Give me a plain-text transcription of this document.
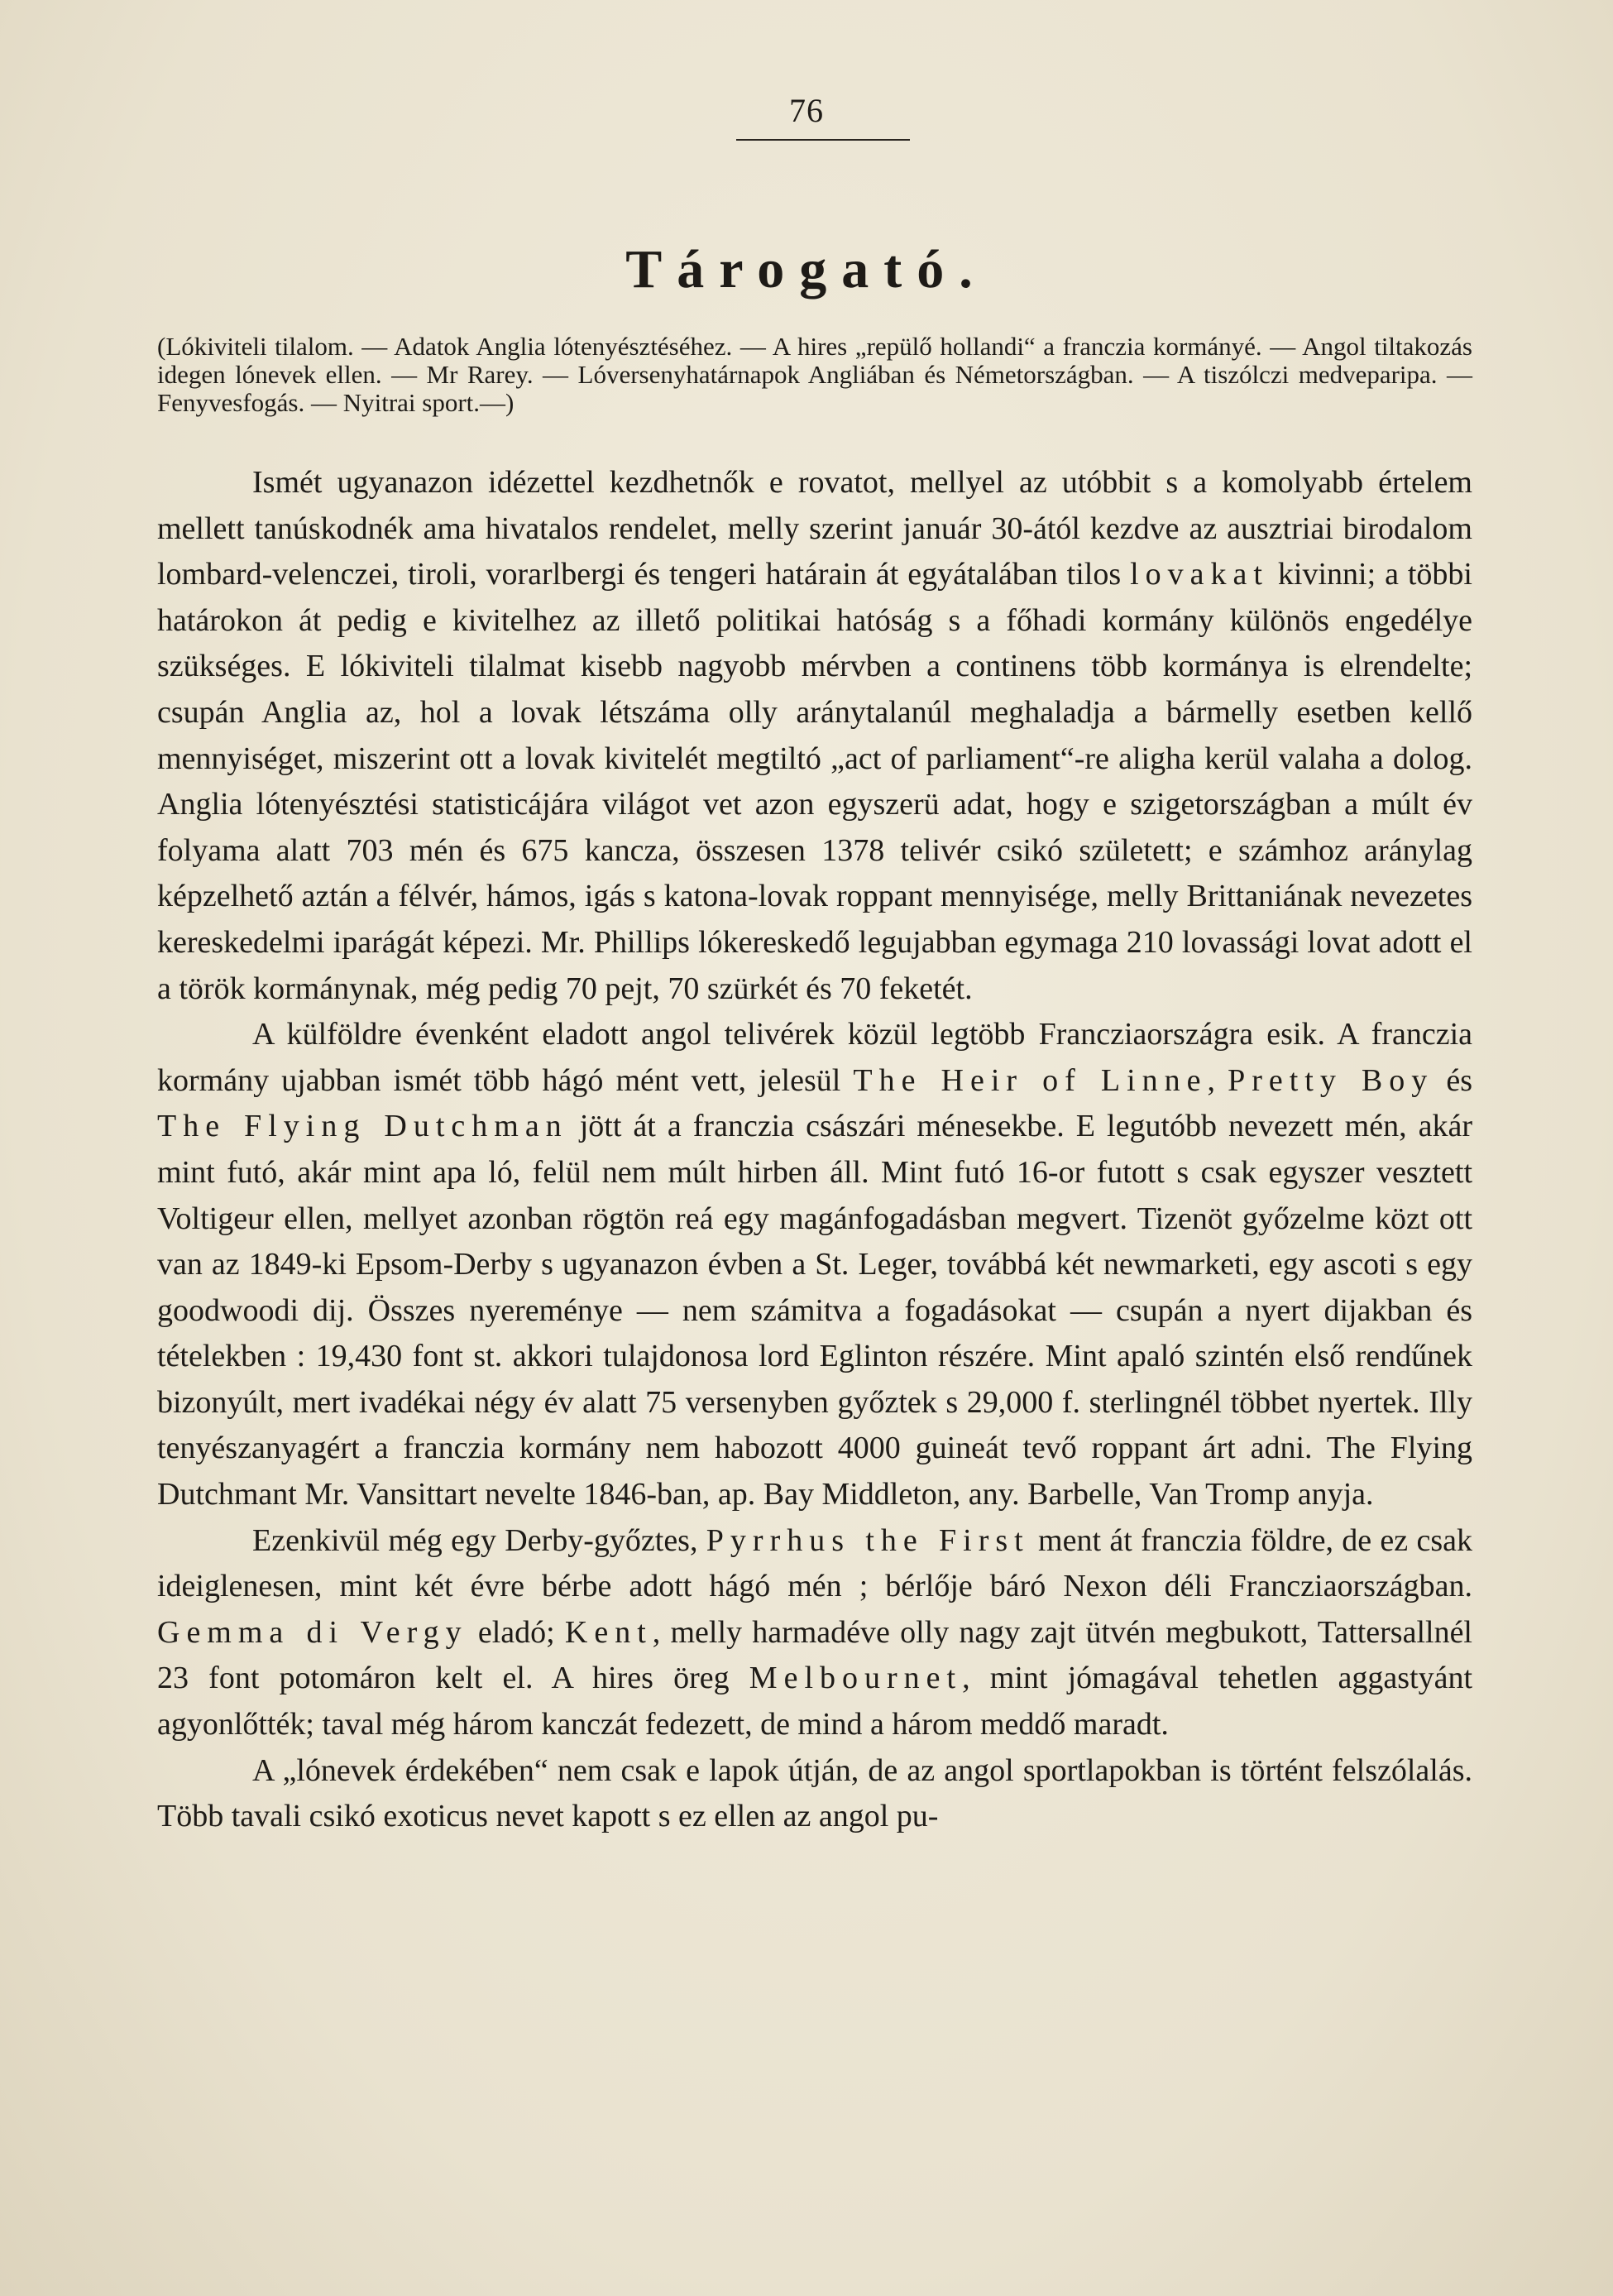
76
Tárogató.
(Lókiviteli tilalom. — Adatok Anglia lótenyésztéséhez. — A hires „repülő hollandi“ a franczia kormányé. — Angol tiltakozás idegen lónevek ellen. — Mr Rarey. — Lóversenyhatárnapok Angliában és Németországban. — A tiszólczi medveparipa. — Fenyvesfogás. — Nyitrai sport.—)

Ismét ugyanazon idézettel kezdhetnők e rovatot, mellyel az utóbbit s a komolyabb értelem mellett tanúskodnék ama hivatalos rendelet, melly szerint január 30-ától kezdve az ausztriai birodalom lombard-velenczei, tiroli, vorarlbergi és tengeri határain át egyátalában tilos lovakat kivinni; a többi határokon át pedig e kivitelhez az illető politikai hatóság s a főhadi kormány különös engedélye szükséges. E lókiviteli tilalmat kisebb nagyobb mérvben a continens több kormánya is elrendelte; csupán Anglia az, hol a lovak létszáma olly aránytalanúl meghaladja a bármelly esetben kellő mennyiséget, miszerint ott a lovak kivitelét megtiltó „act of parliament“-re aligha kerül valaha a dolog. Anglia lótenyésztési statisticájára világot vet azon egyszerü adat, hogy e szigetországban a múlt év folyama alatt 703 mén és 675 kancza, összesen 1378 telivér csikó született; e számhoz aránylag képzelhető aztán a félvér, hámos, igás s katona-lovak roppant mennyisége, melly Brittaniának nevezetes kereskedelmi iparágát képezi. Mr. Phillips lókereskedő legujabban egymaga 210 lovassági lovat adott el a török kormánynak, még pedig 70 pejt, 70 szürkét és 70 feketét.

A külföldre évenként eladott angol telivérek közül legtöbb Francziaországra esik. A franczia kormány ujabban ismét több hágó mént vett, jelesül The Heir of Linne, Pretty Boy és The Flying Dutchman jött át a franczia császári ménesekbe. E legutóbb nevezett mén, akár mint futó, akár mint apa ló, felül nem múlt hirben áll. Mint futó 16-or futott s csak egyszer vesztett Voltigeur ellen, mellyet azonban rögtön reá egy magánfogadásban megvert. Tizenöt győzelme közt ott van az 1849-ki Epsom-Derby s ugyanazon évben a St. Leger, továbbá két newmarketi, egy ascoti s egy goodwoodi dij. Összes nyereménye — nem számitva a fogadásokat — csupán a nyert dijakban és tételekben : 19,430 font st. akkori tulajdonosa lord Eglinton részére. Mint apaló szintén első rendűnek bizonyúlt, mert ivadékai négy év alatt 75 versenyben győztek s 29,000 f. sterlingnél többet nyertek. Illy tenyészanyagért a franczia kormány nem habozott 4000 guineát tevő roppant árt adni. The Flying Dutchmant Mr. Vansittart nevelte 1846-ban, ap. Bay Middleton, any. Barbelle, Van Tromp anyja.

Ezenkivül még egy Derby-győztes, Pyrrhus the First ment át franczia földre, de ez csak ideiglenesen, mint két évre bérbe adott hágó mén ; bérlője báró Nexon déli Francziaországban. Gemma di Vergy eladó; Kent, melly harmadéve olly nagy zajt ütvén megbukott, Tattersallnél 23 font potomáron kelt el. A hires öreg Melbournet, mint jómagával tehetlen aggastyánt agyonlőtték; taval még három kanczát fedezett, de mind a három meddő maradt.

A „lónevek érdekében“ nem csak e lapok útján, de az angol sportlapokban is történt felszólalás. Több tavali csikó exoticus nevet kapott s ez ellen az angol pu-
